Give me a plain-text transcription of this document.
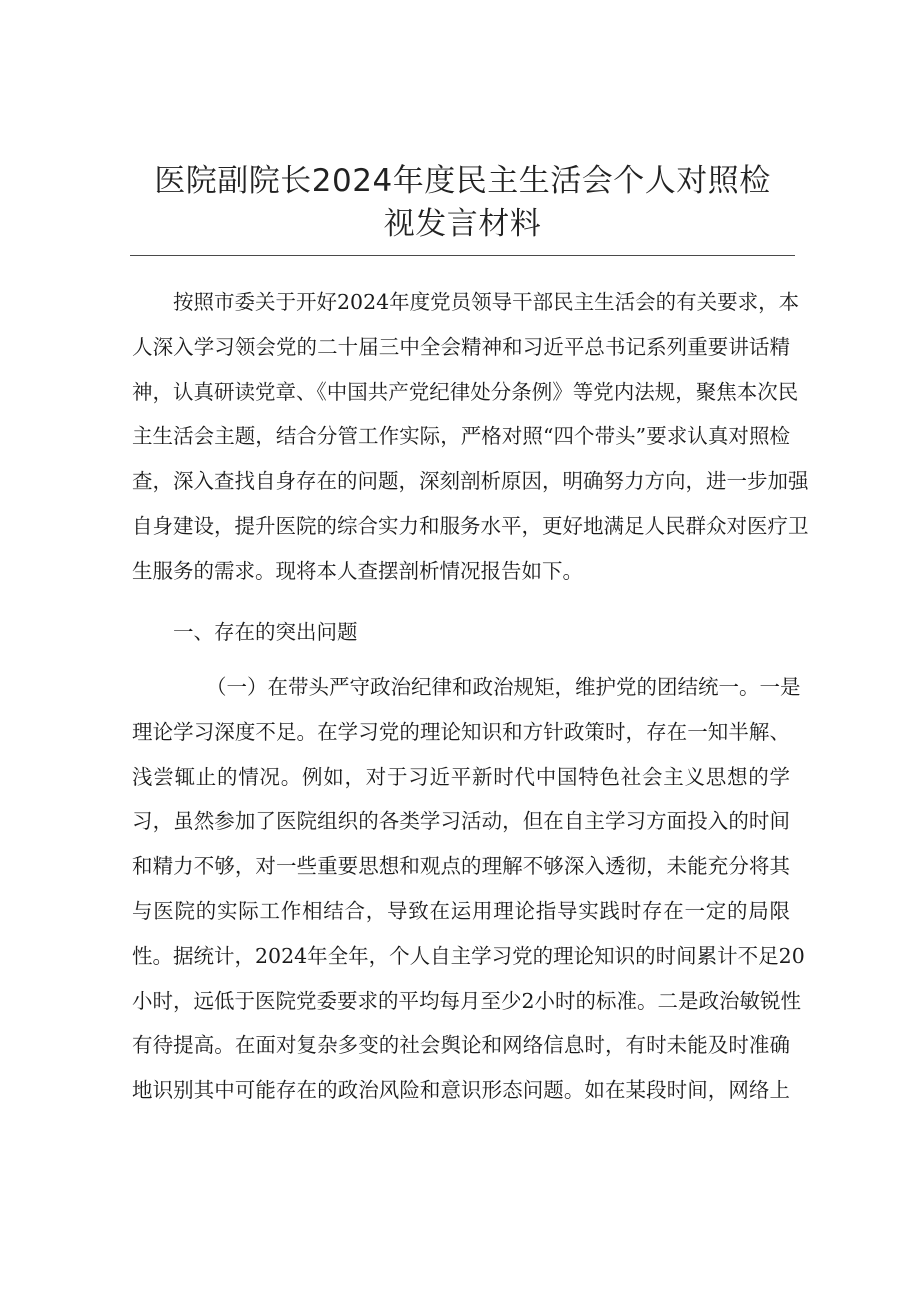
医院副院长2024年度民主生活会个人对照检
视发言材料
按照市委关于开好2024年度党员领导干部民主生活会的有关要求，本
人深入学习领会党的二十届三中全会精神和习近平总书记系列重要讲话精
神，认真研读党章、《中国共产党纪律处分条例》等党内法规，聚焦本次民
主生活会主题，结合分管工作实际，严格对照“四个带头”要求认真对照检
查，深入查找自身存在的问题，深刻剖析原因，明确努力方向，进一步加强
自身建设，提升医院的综合实力和服务水平，更好地满足人民群众对医疗卫
生服务的需求。现将本人查摆剖析情况报告如下。
一、存在的突出问题
（一）在带头严守政治纪律和政治规矩，维护党的团结统一。一是
理论学习深度不足。在学习党的理论知识和方针政策时，存在一知半解、
浅尝辄止的情况。例如，对于习近平新时代中国特色社会主义思想的学
习，虽然参加了医院组织的各类学习活动，但在自主学习方面投入的时间
和精力不够，对一些重要思想和观点的理解不够深入透彻，未能充分将其
与医院的实际工作相结合，导致在运用理论指导实践时存在一定的局限
性。据统计，2024年全年，个人自主学习党的理论知识的时间累计不足20
小时，远低于医院党委要求的平均每月至少2小时的标准。二是政治敏锐性
有待提高。在面对复杂多变的社会舆论和网络信息时，有时未能及时准确
地识别其中可能存在的政治风险和意识形态问题。如在某段时间，网络上
